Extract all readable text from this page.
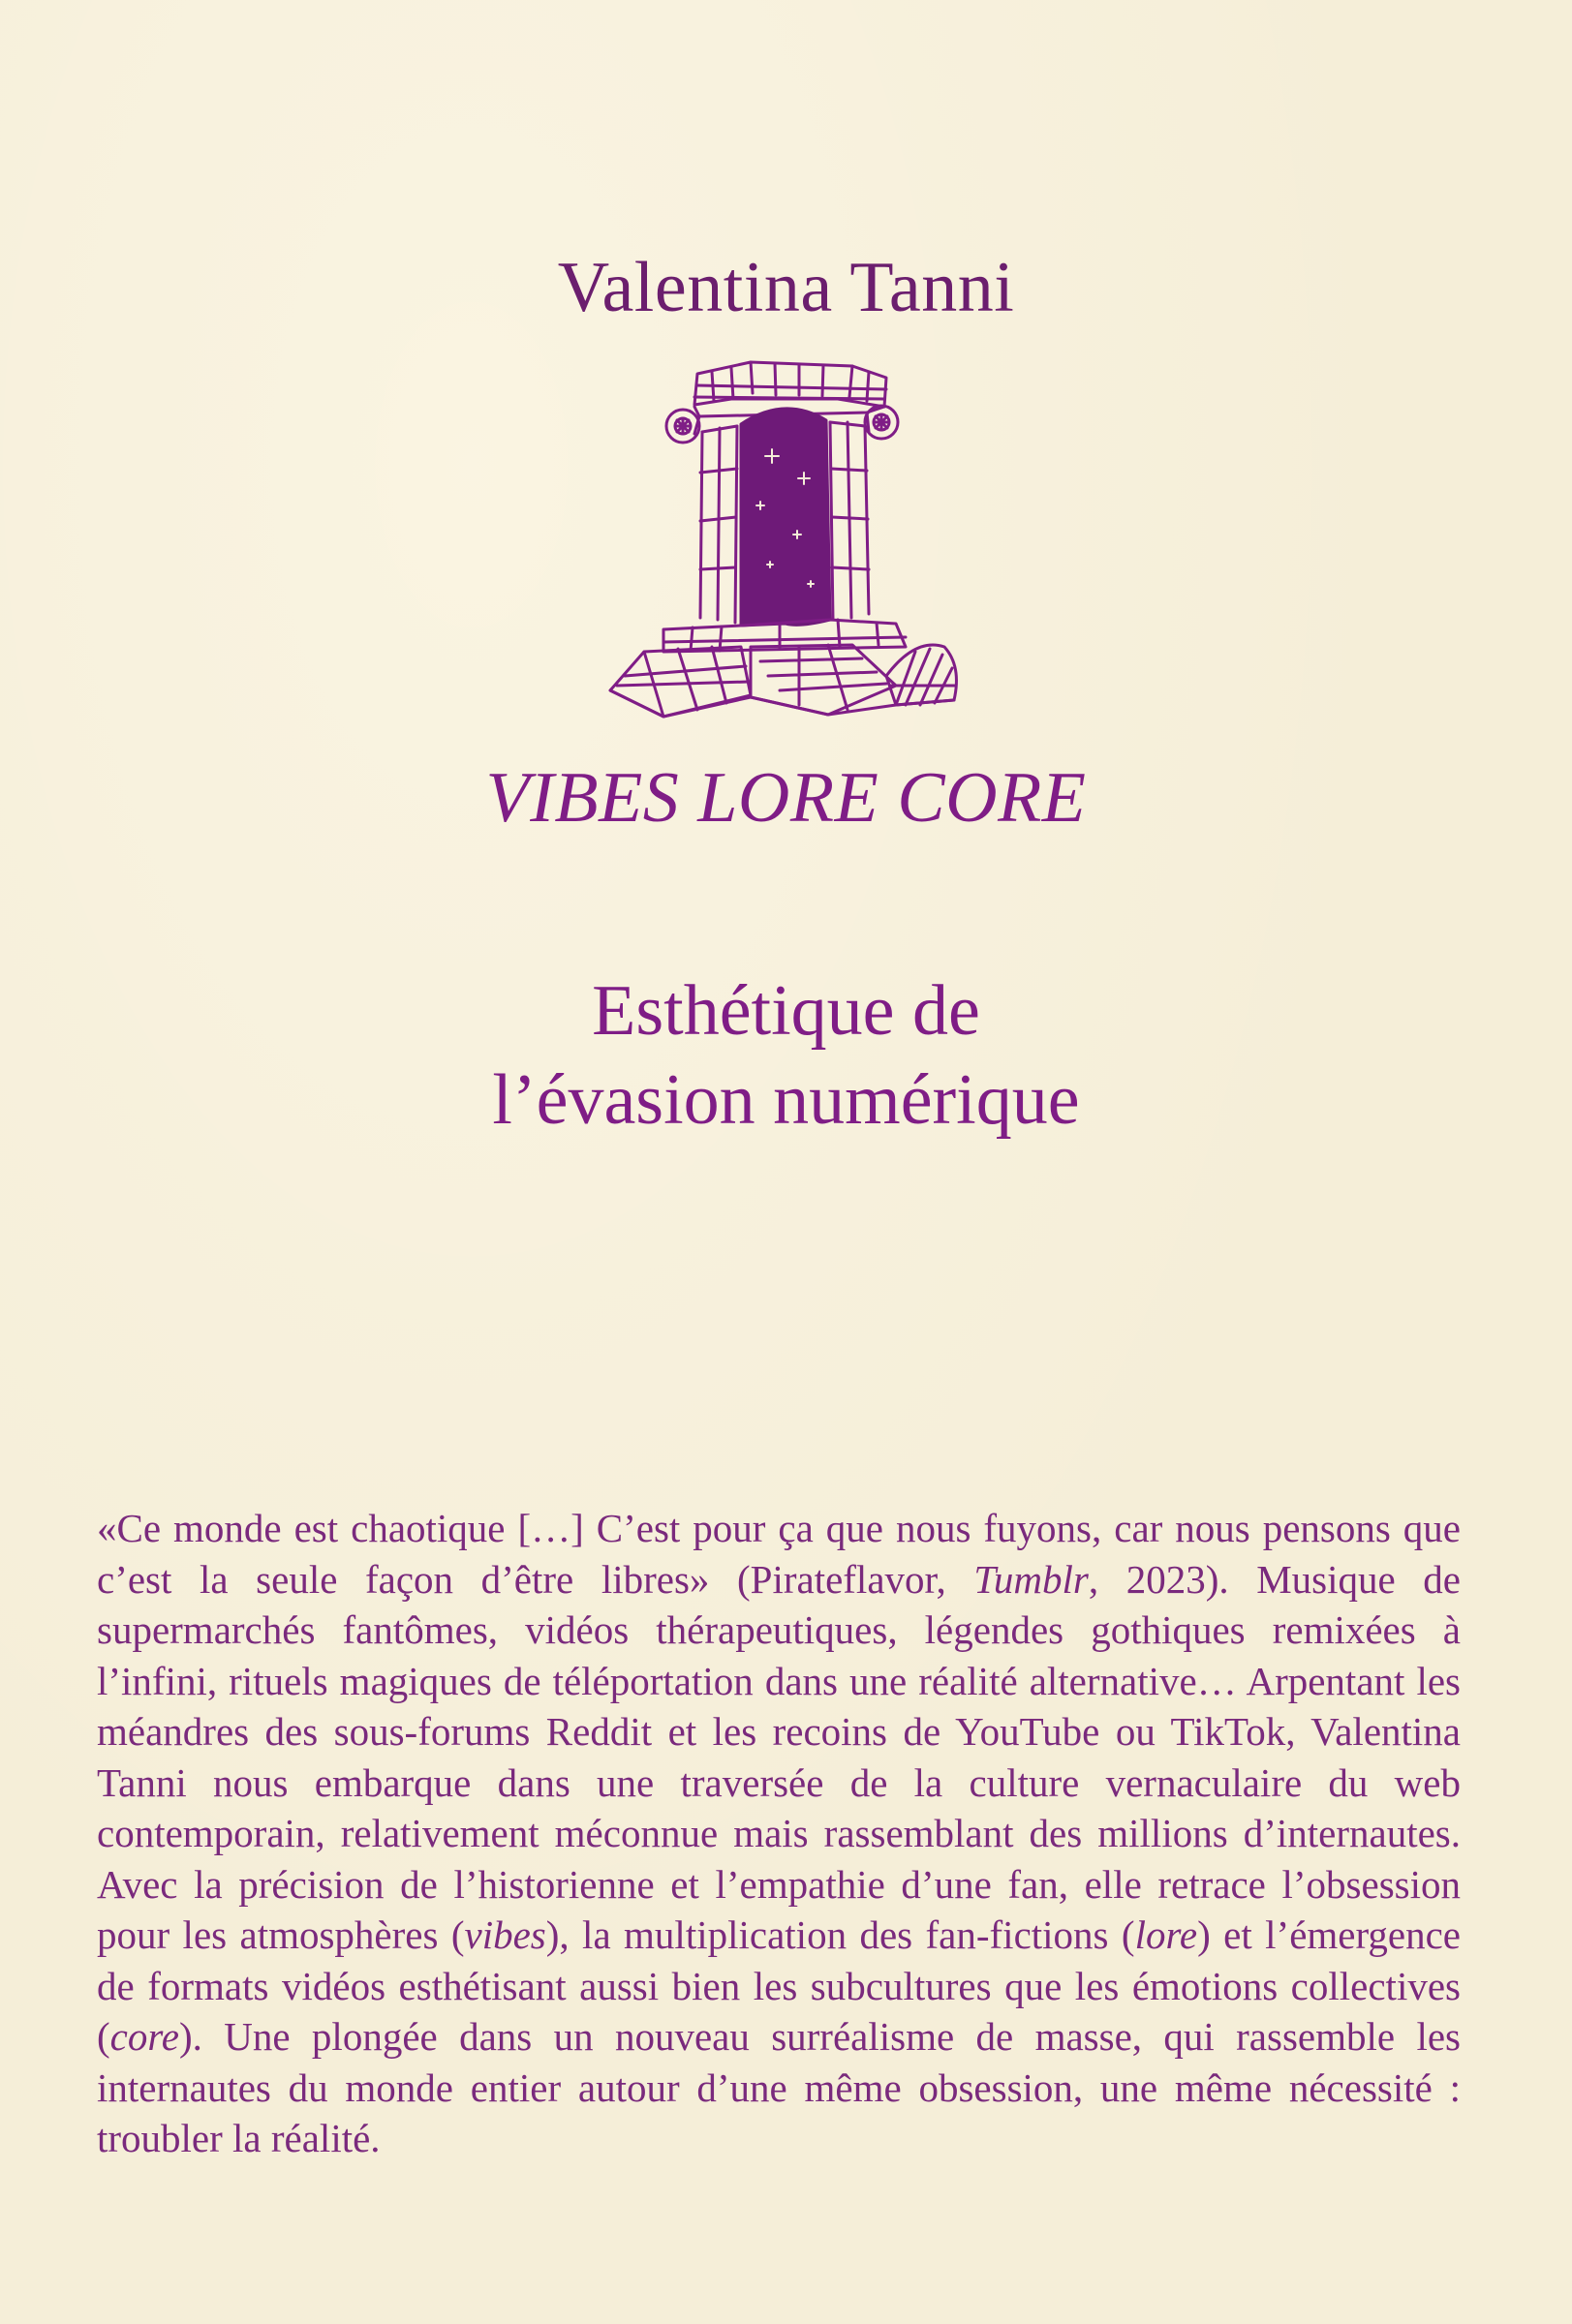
Valentina Tanni
VIBES LORE CORE
Esthétique de
l’évasion numérique
«Ce monde est chaotique […] C’est pour ça que nous fuyons, car nous pensons que c’est la seule façon d’être libres» (Pirateflavor, Tumblr, 2023). Musique de supermarchés fantômes, vidéos thérapeutiques, légendes gothiques remixées à l’infini, rituels magiques de téléportation dans une réalité alternative… Arpentant les méandres des sous-forums Reddit et les recoins de YouTube ou TikTok, Valentina Tanni nous embarque dans une traversée de la culture vernaculaire du web contemporain, relativement méconnue mais rassemblant des millions d’internautes. Avec la précision de l’historienne et l’empathie d’une fan, elle retrace l’obsession pour les atmosphères (vibes), la multiplication des fan-fictions (lore) et l’émergence de formats vidéos esthétisant aussi bien les subcultures que les émotions collectives (core). Une plongée dans un nouveau surréalisme de masse, qui rassemble les internautes du monde entier autour d’une même obsession, une même nécessité : troubler la réalité.
